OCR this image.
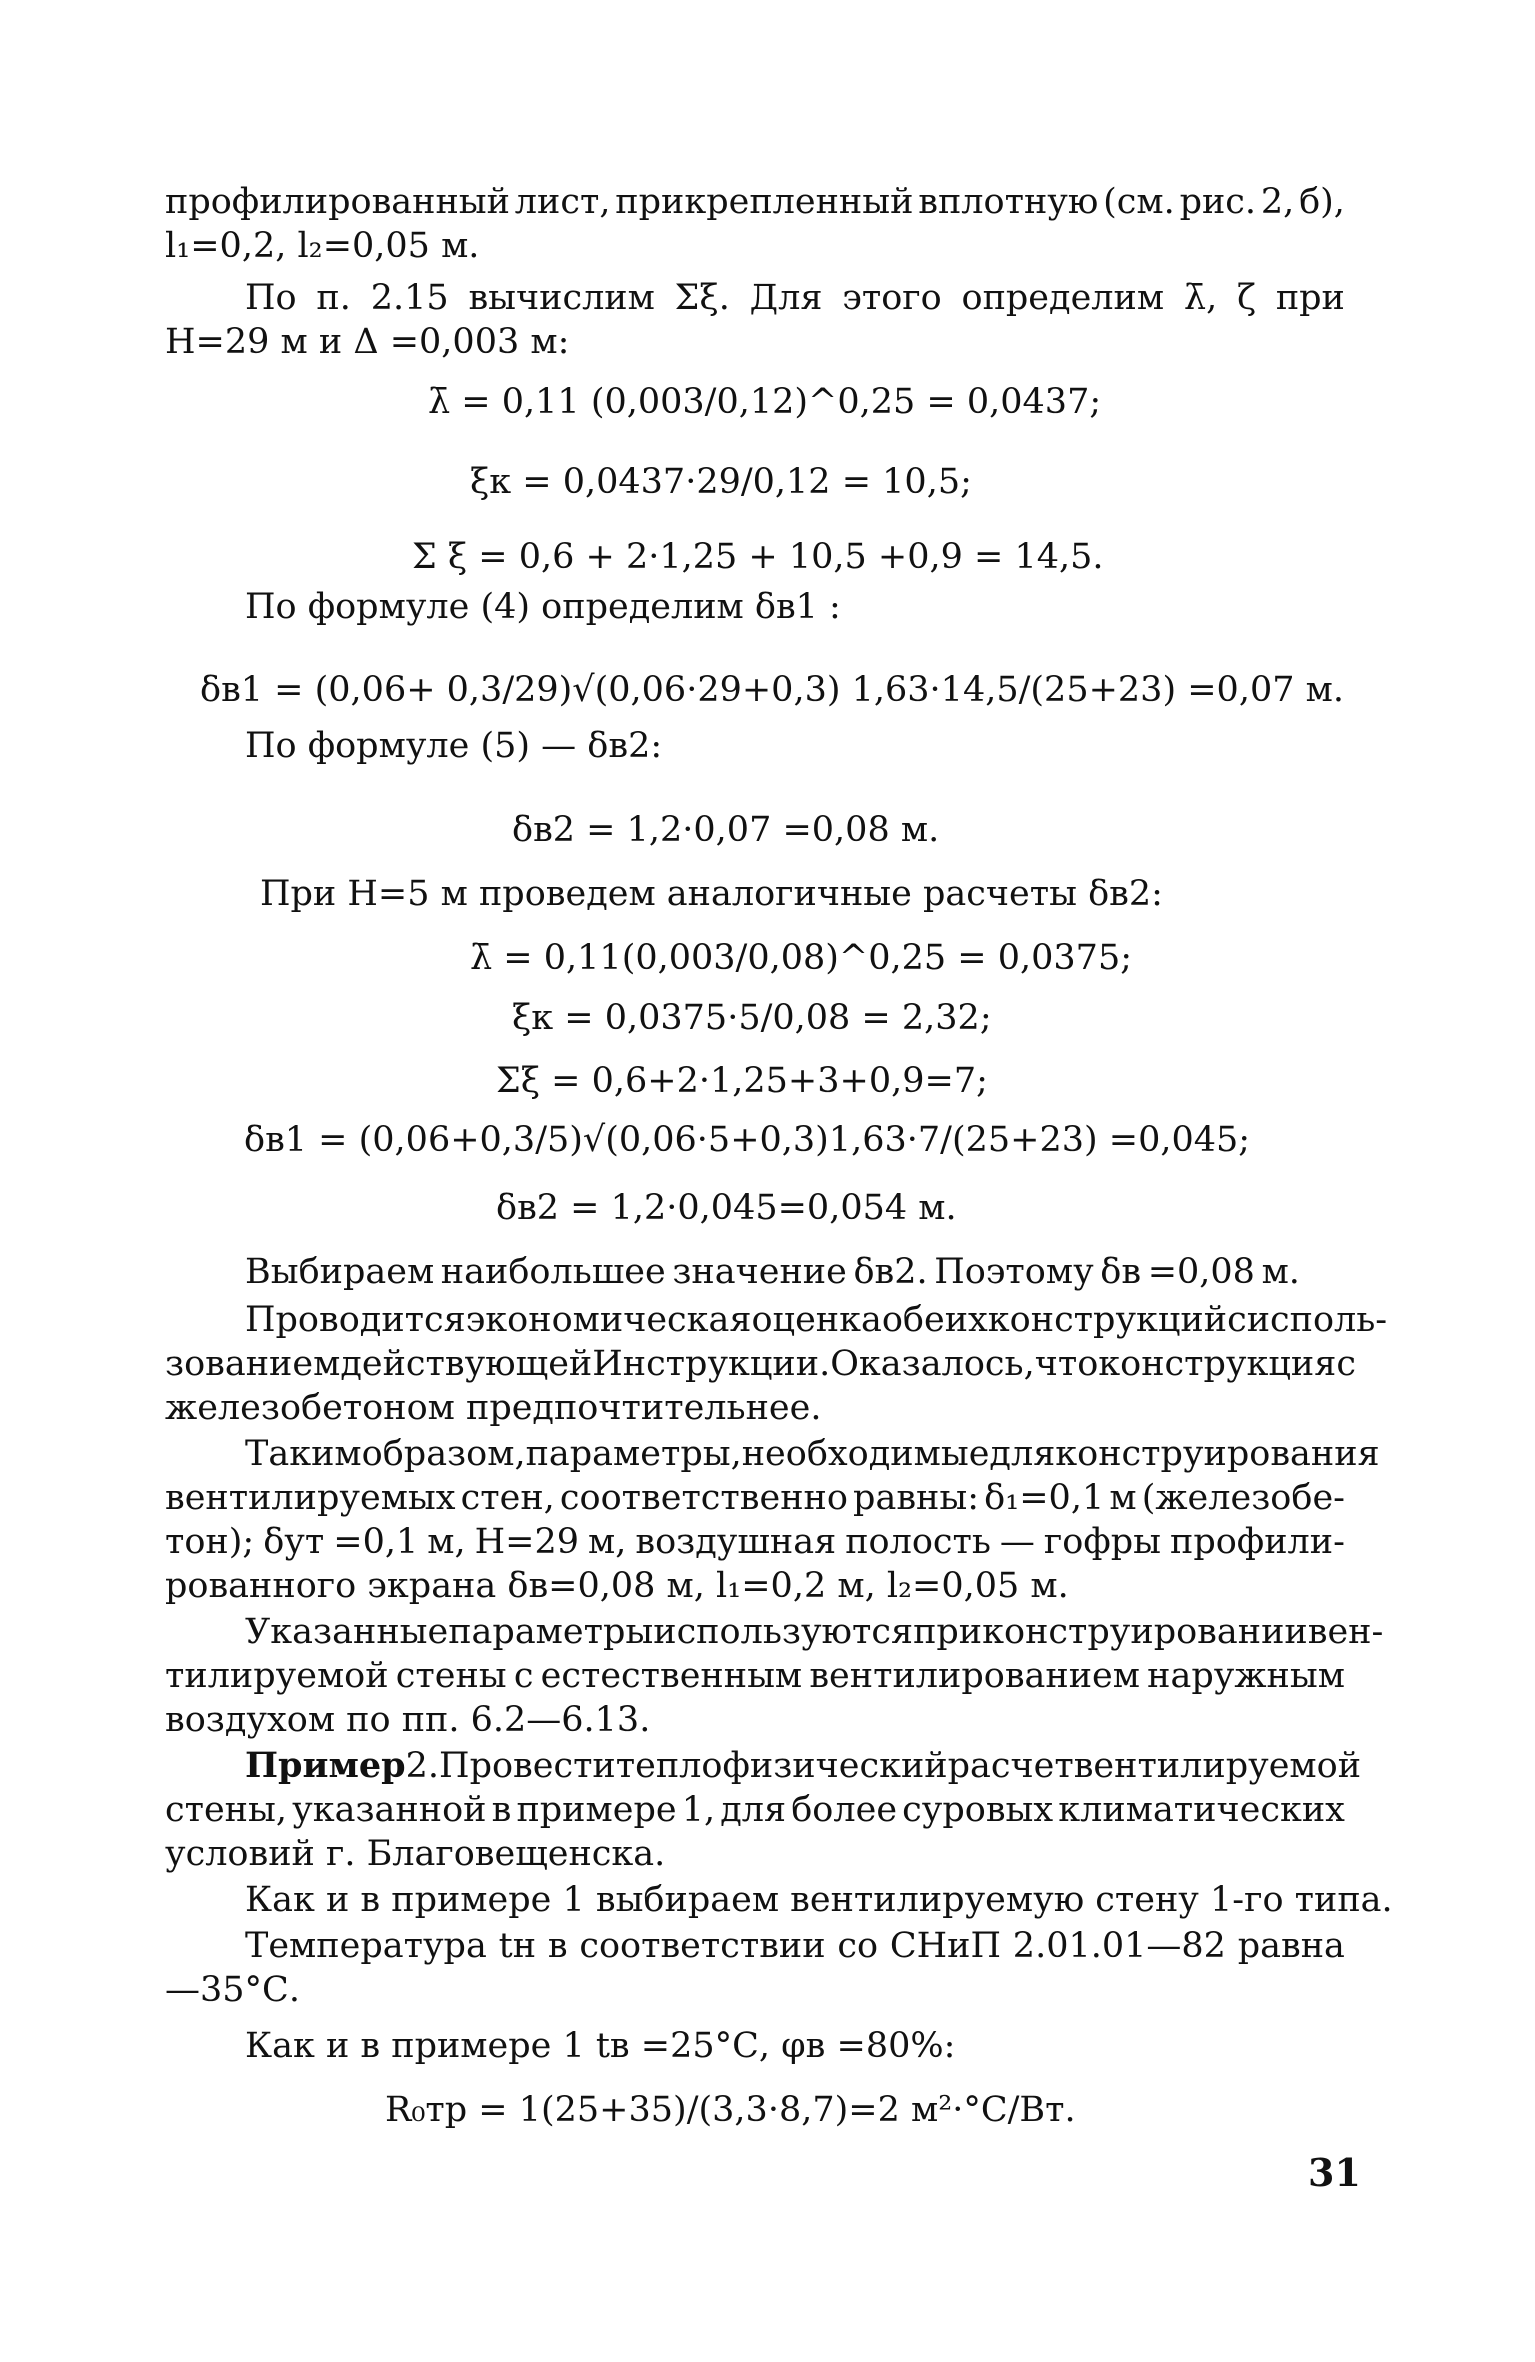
профилированный лист, прикрепленный вплотную (см. рис. 2, б),
l₁=0,2, l₂=0,05 м.
По п. 2.15 вычислим Σξ. Для этого определим λ̄, ζ при
H=29 м и Δ =0,003 м:
λ̄ = 0,11 (0,003/0,12)^0,25 = 0,0437;
ξк = 0,0437·29/0,12 = 10,5;
Σ ξ = 0,6 + 2·1,25 + 10,5 +0,9 = 14,5.
По формуле (4) определим δв1 :
δв1 = (0,06+ 0,3/29)√(0,06·29+0,3) 1,63·14,5/(25+23) =0,07 м.
По формуле (5) — δв2:
δв2 = 1,2·0,07 =0,08 м.
При H=5 м проведем аналогичные расчеты δв2:
λ̄ = 0,11(0,003/0,08)^0,25 = 0,0375;
ξк = 0,0375·5/0,08 = 2,32;
Σξ = 0,6+2·1,25+3+0,9=7;
δв1 = (0,06+0,3/5)√(0,06·5+0,3)1,63·7/(25+23) =0,045;
δв2 = 1,2·0,045=0,054 м.
Выбираем наибольшее значение δв2. Поэтому δв =0,08 м.
Проводится экономическая оценка обеих конструкций с исполь-
зованием действующей Инструкции. Оказалось, что конструкция с
железобетоном предпочтительнее.
Таким образом, параметры, необходимые для конструирования
вентилируемых стен, соответственно равны: δ₁=0,1 м (железобе-
тон); δут =0,1 м, H=29 м, воздушная полость — гофры профили-
рованного экрана δв=0,08 м, l₁=0,2 м, l₂=0,05 м.
Указанные параметры используются при конструировании вен-
тилируемой стены с естественным вентилированием наружным
воздухом по пп. 6.2—6.13.
Пример 2. Провести теплофизический расчет вентилируемой
стены, указанной в примере 1, для более суровых климатических
условий г. Благовещенска.
Как и в примере 1 выбираем вентилируемую стену 1-го типа.
Температура tн в соответствии со СНиП 2.01.01—82 равна
—35°С.
Как и в примере 1 tв =25°С, φв =80%:
R₀тр = 1(25+35)/(3,3·8,7)=2 м²·°С/Вт.
31
